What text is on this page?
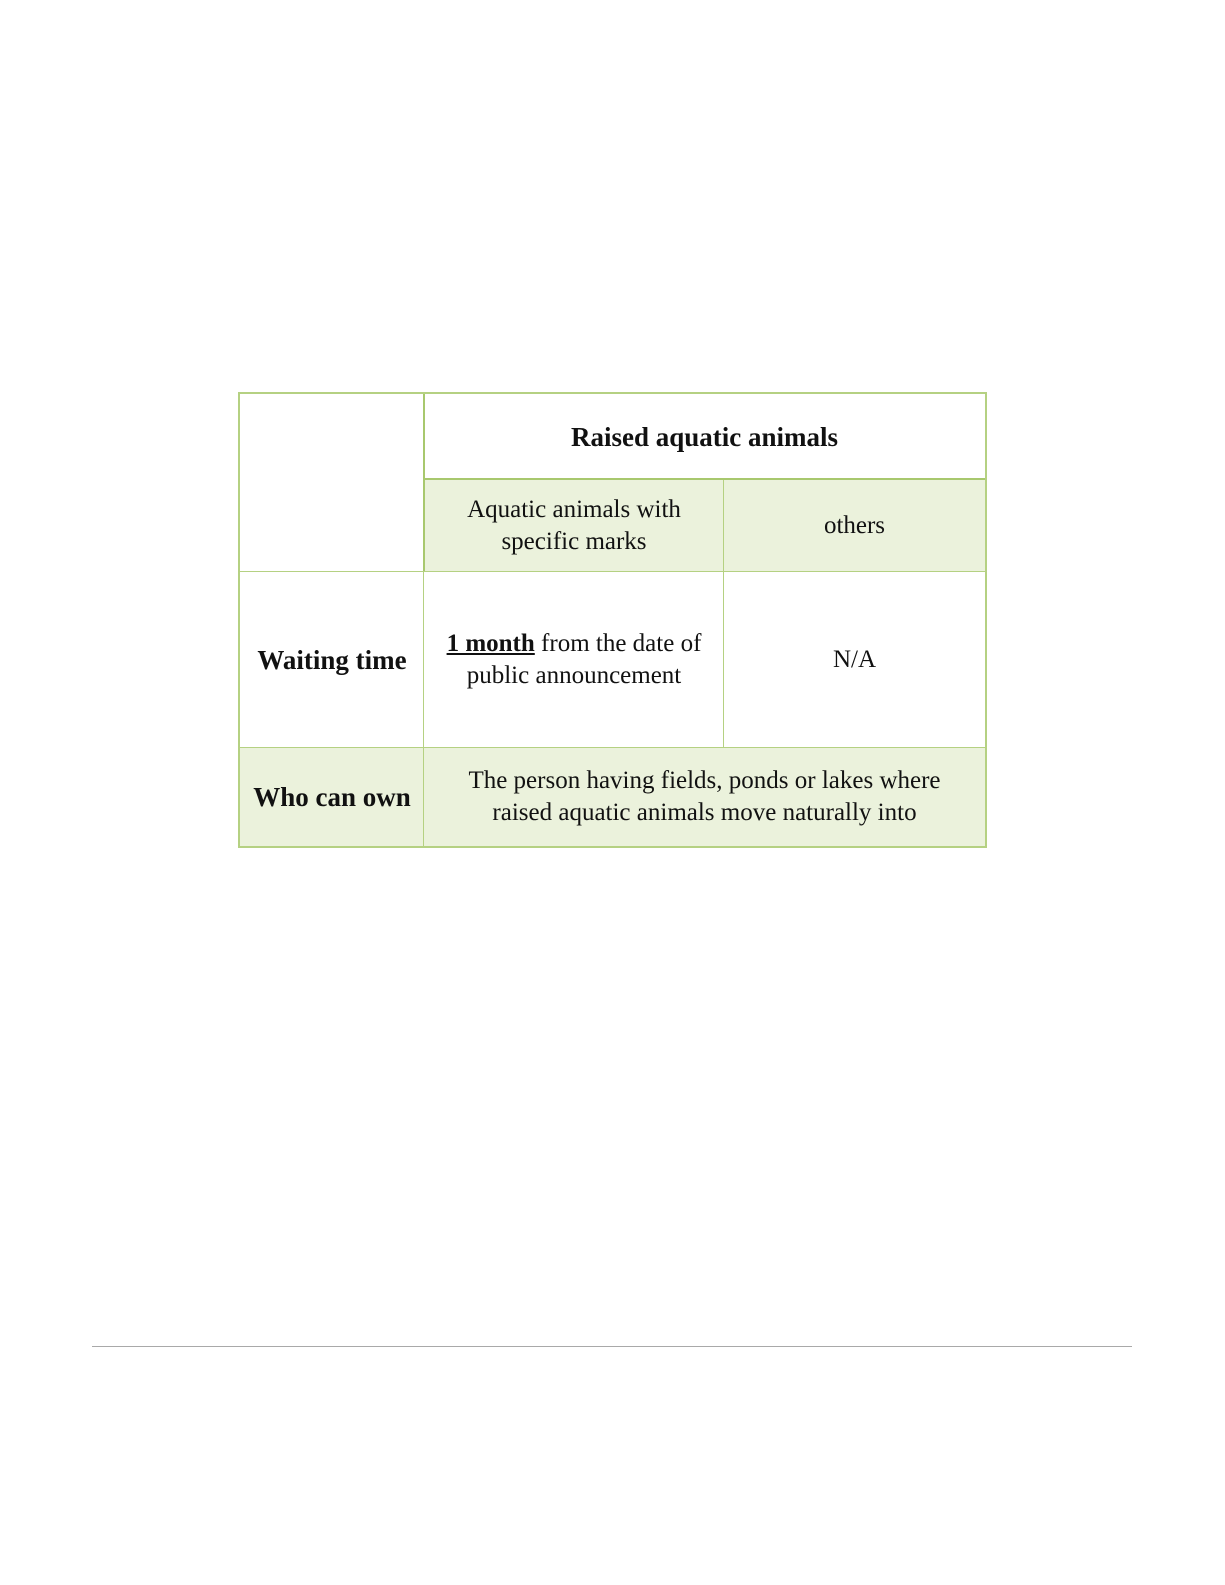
Raised aquatic animals
Aquatic animals with specific marks
others
Waiting time
1 month from the date of public announcement
N/A
Who can own
The person having fields, ponds or lakes where raised aquatic animals move naturally into
